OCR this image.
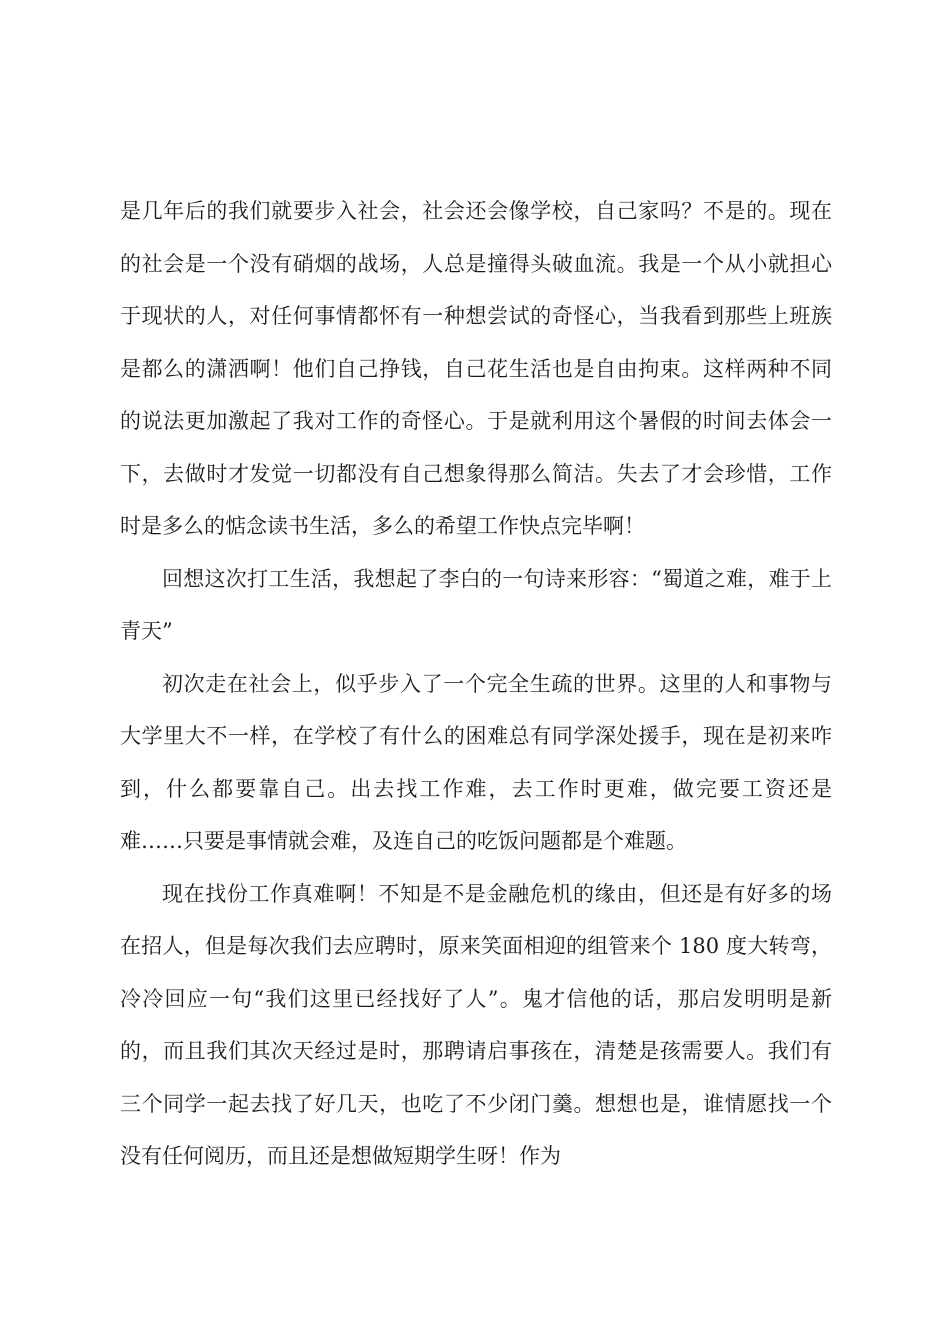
是几年后的我们就要步入社会，社会还会像学校，自己家吗？不是的。现在的社会是一个没有硝烟的战场，人总是撞得头破血流。我是一个从小就担心于现状的人，对任何事情都怀有一种想尝试的奇怪心，当我看到那些上班族是都么的潇洒啊！他们自己挣钱，自己花生活也是自由拘束。这样两种不同的说法更加激起了我对工作的奇怪心。于是就利用这个暑假的时间去体会一下，去做时才发觉一切都没有自己想象得那么简洁。失去了才会珍惜，工作时是多么的惦念读书生活，多么的希望工作快点完毕啊！

回想这次打工生活，我想起了李白的一句诗来形容：“蜀道之难，难于上青天”

初次走在社会上，似乎步入了一个完全生疏的世界。这里的人和事物与大学里大不一样，在学校了有什么的困难总有同学深处援手，现在是初来咋到，什么都要靠自己。出去找工作难，去工作时更难，做完要工资还是难……只要是事情就会难，及连自己的吃饭问题都是个难题。

现在找份工作真难啊！不知是不是金融危机的缘由，但还是有好多的场在招人，但是每次我们去应聘时，原来笑面相迎的组管来个 180 度大转弯，冷冷回应一句“我们这里已经找好了人”。鬼才信他的话，那启发明明是新的，而且我们其次天经过是时，那聘请启事孩在，清楚是孩需要人。我们有三个同学一起去找了好几天，也吃了不少闭门羹。想想也是，谁情愿找一个没有任何阅历，而且还是想做短期学生呀！作为
